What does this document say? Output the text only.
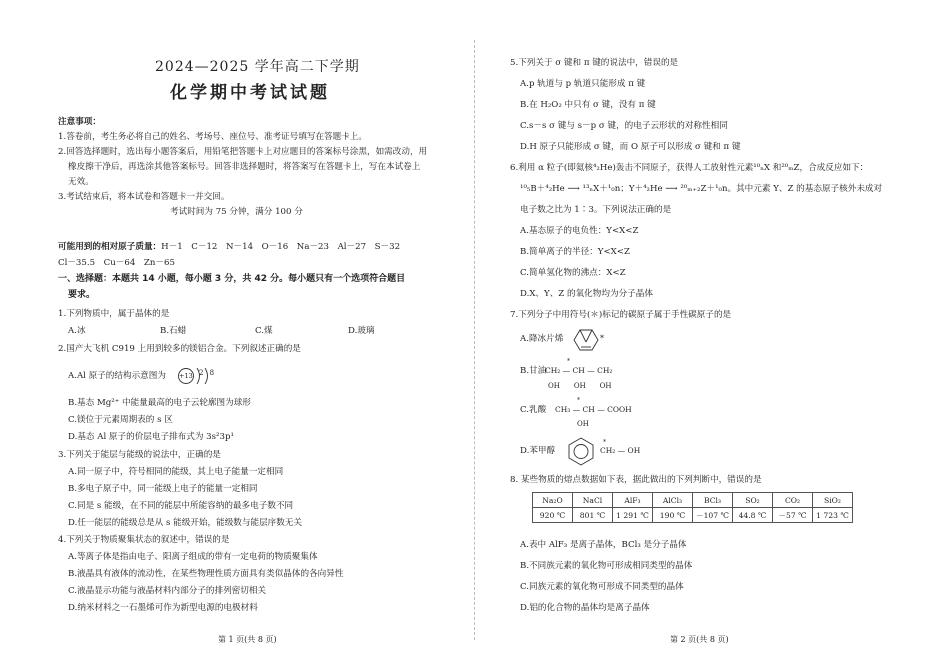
2024—2025 学年高二下学期
化学期中考试试题
注意事项：
1.答卷前，考生务必将自己的姓名、考场号、座位号、准考证号填写在答题卡上。
2.回答选择题时，选出每小题答案后，用铅笔把答题卡上对应题目的答案标号涂黑，如需改动，用
橡皮擦干净后，再选涂其他答案标号。回答非选择题时，将答案写在答题卡上，写在本试卷上
无效。
3.考试结束后，将本试卷和答题卡一并交回。
考试时间为 75 分钟，满分 100 分
可能用到的相对原子质量：H－1　C－12　N－14　O－16　Na－23　Al－27　S－32
Cl－35.5　Cu－64　Zn－65
一、选择题：本题共 14 小题，每小题 3 分，共 42 分。每小题只有一个选项符合题目
要求。
1.下列物质中，属于晶体的是
A.冰	B.石蜡	C.煤	D.玻璃
2.国产大飞机 C919 上用到较多的镁铝合金。下列叙述正确的是
A.Al 原子的结构示意图为 +13 2 8
B.基态 Mg²⁺ 中能量最高的电子云轮廓图为球形
C.镁位于元素周期表的 s 区
D.基态 Al 原子的价层电子排布式为 3s²3p¹
3.下列关于能层与能级的说法中，正确的是
A.同一原子中，符号相同的能级，其上电子能量一定相同
B.多电子原子中，同一能级上电子的能量一定相同
C.同是 s 能级，在不同的能层中所能容纳的最多电子数不同
D.任一能层的能级总是从 s 能级开始，能级数与能层序数无关
4.下列关于物质聚集状态的叙述中，错误的是
A.等离子体是指由电子、阳离子组成的带有一定电荷的物质聚集体
B.液晶具有液体的流动性，在某些物理性质方面具有类似晶体的各向异性
C.液晶显示功能与液晶材料内部分子的排列密切相关
D.纳米材料之一石墨烯可作为新型电源的电极材料
第 1 页(共 8 页)
5.下列关于 σ 键和 π 键的说法中，错误的是
A.p 轨道与 p 轨道只能形成 π 键
B.在 H₂O₂ 中只有 σ 键，没有 π 键
C.s－s σ 键与 s－p σ 键，的电子云形状的对称性相同
D.H 原子只能形成 σ 键，而 O 原子可以形成 σ 键和 π 键
6.利用 α 粒子(即氦核⁴₂He)轰击不同原子，获得人工放射性元素¹⁰ₙX 和²⁰ₘZ，合成反应如下：
¹⁰₅B＋⁴₂He ⟶ ¹³ₙX＋¹₀n；Y＋⁴₂He ⟶ ²⁰ₘ₊₂Z＋¹₀n。其中元素 Y、Z 的基态原子核外未成对
电子数之比为 1∶3。下列说法正确的是
A.基态原子的电负性：Y<X<Z
B.简单离子的半径：Y<X<Z
C.简单氢化物的沸点：X<Z
D.X、Y、Z 的氧化物均为分子晶体
7.下列分子中用符号(＊)标记的碳原子属于手性碳原子的是
A.降冰片烯	*
B.甘油
*
CH₂ — CH — CH₂
OH　　OH　　OH
C.乳酸 CH₃ — CH — COOH
*
OH
D.苯甲醇
*
CH₂ — OH
8. 某些物质的熔点数据如下表，据此做出的下列判断中，错误的是
Na₂O	NaCl	AlF₃	AlCl₃	BCl₃	SO₂	CO₂	SiO₂
920 ℃	801 ℃	1 291 ℃	190 ℃	－107 ℃	44.8 ℃	－57 ℃	1 723 ℃
A.表中 AlF₃ 是离子晶体，BCl₃ 是分子晶体
B.不同族元素的氧化物可形成相同类型的晶体
C.同族元素的氧化物可形成不同类型的晶体
D.铝的化合物的晶体均是离子晶体
第 2 页(共 8 页)
